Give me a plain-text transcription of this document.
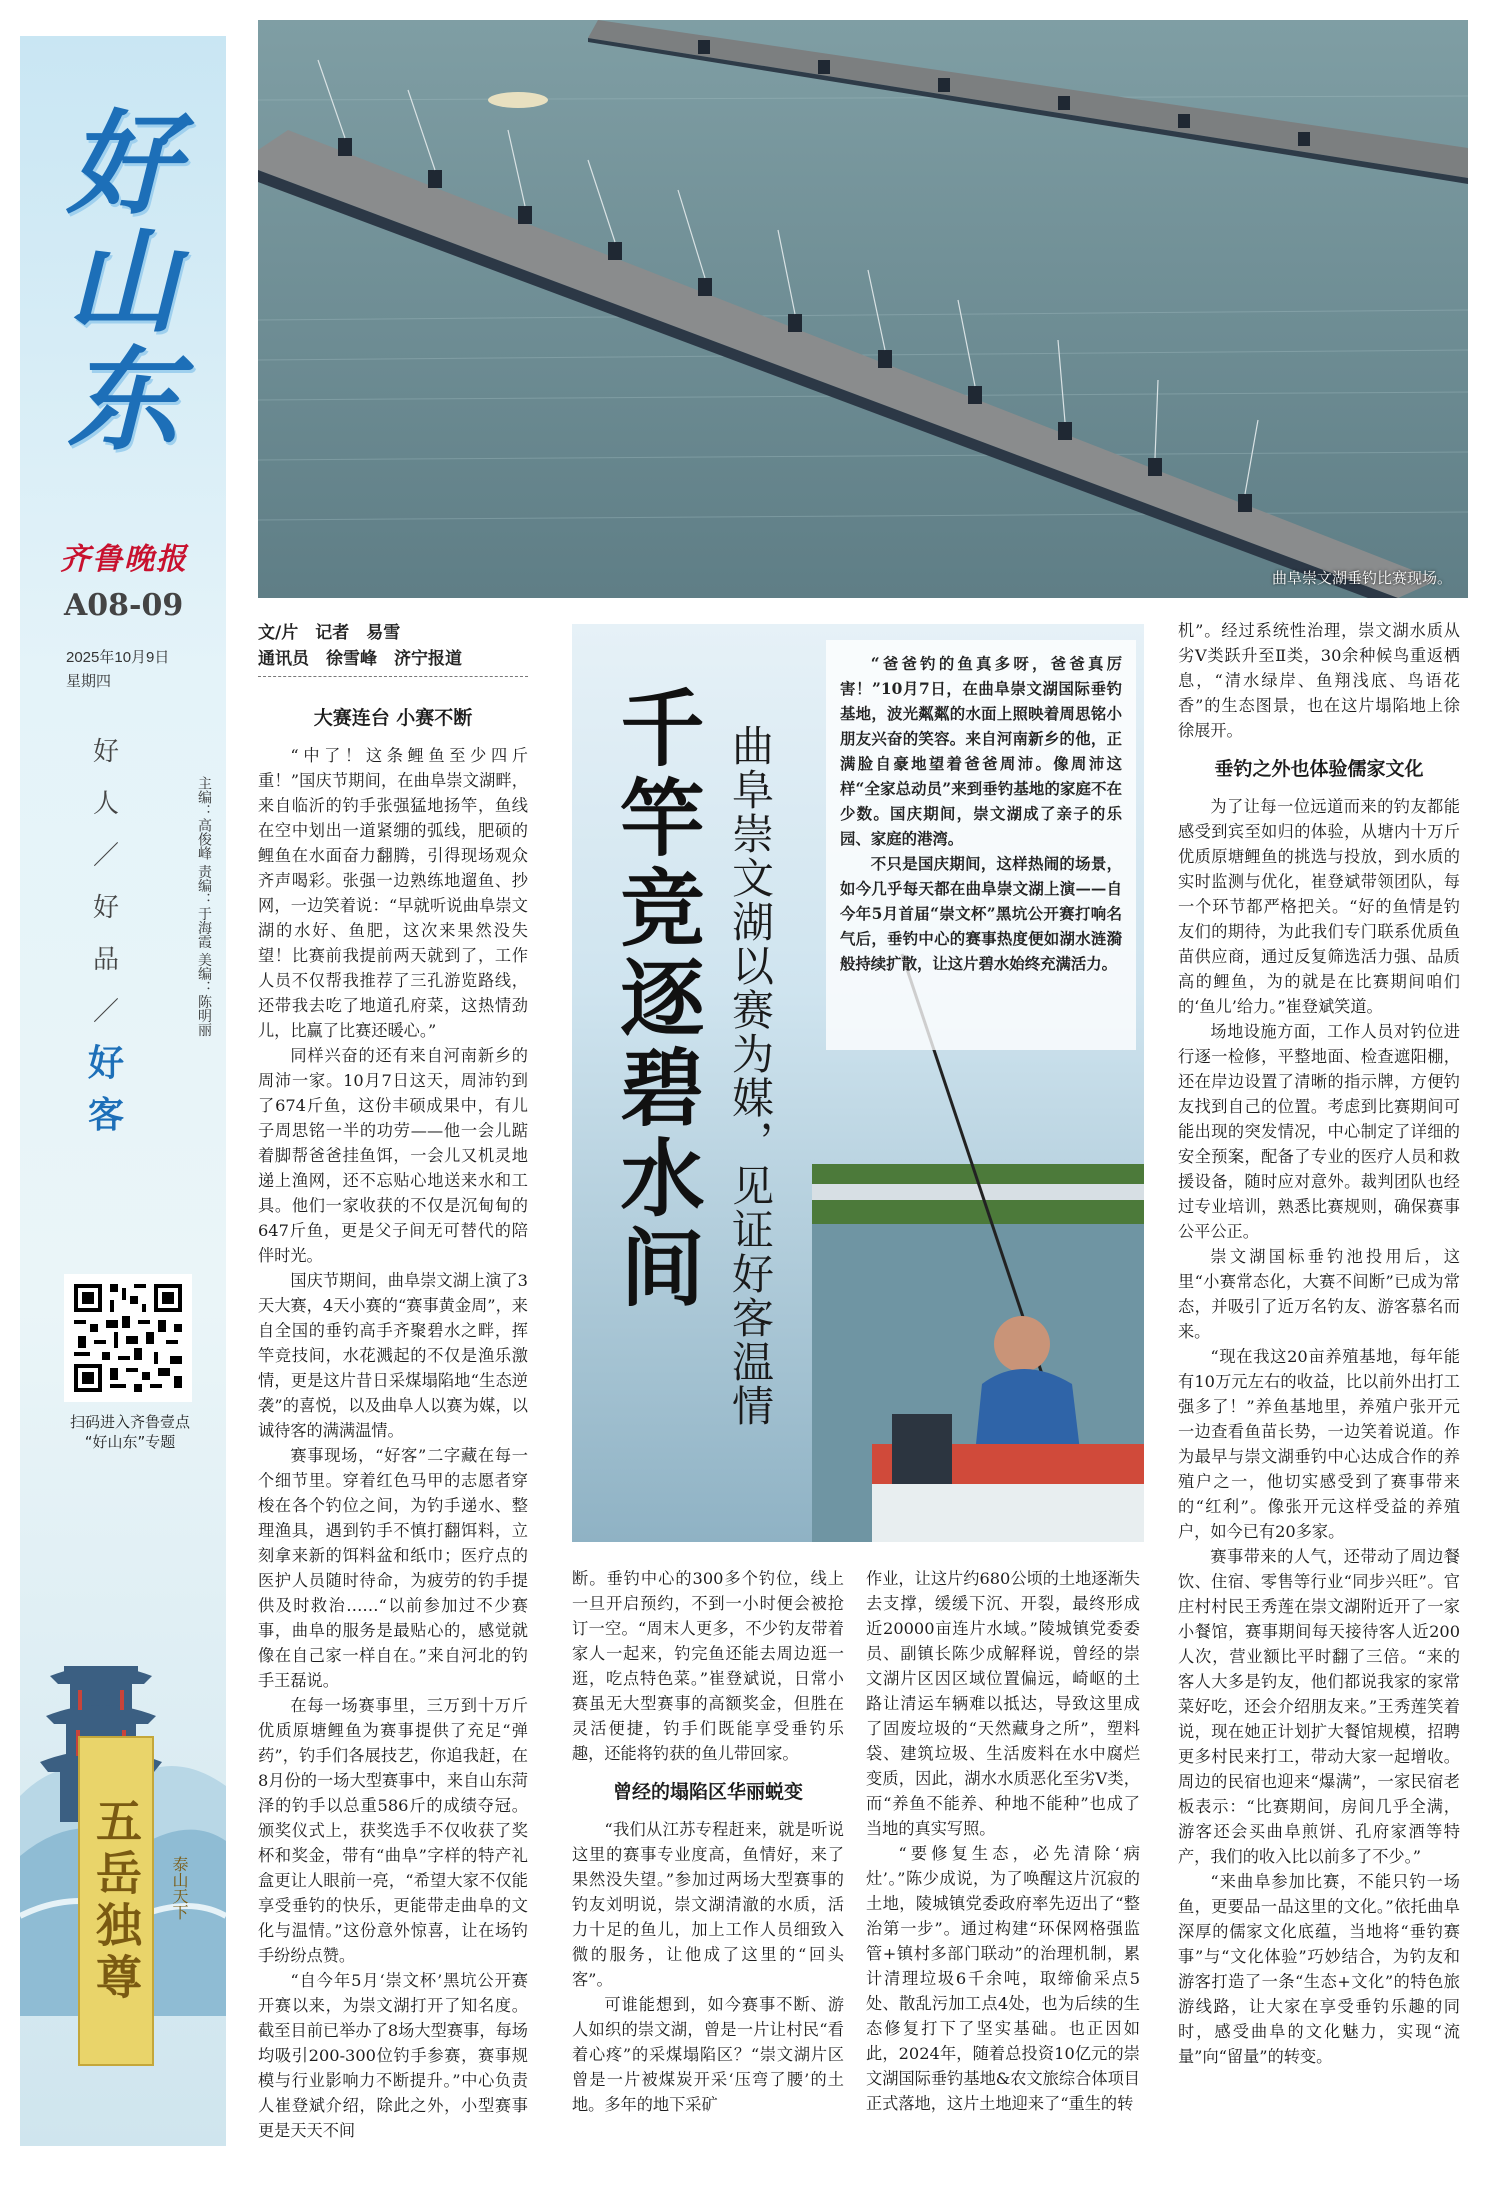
好山东
齐鲁晚报
A08-09
2025年10月9日
星期四
好
人
／
好
品
／
好
客
主编：高俊峰 责编：于海霞 美编：陈明丽
扫码进入齐鲁壹点
“好山东”专题
五岳独尊	泰山天下
曲阜崇文湖垂钓比赛现场。
文/片　记者　易雪
通讯员　徐雪峰　济宁报道

大赛连台 小赛不断

“中了！这条鲤鱼至少四斤重！”国庆节期间，在曲阜崇文湖畔，来自临沂的钓手张强猛地扬竿，鱼线在空中划出一道紧绷的弧线，肥硕的鲤鱼在水面奋力翻腾，引得现场观众齐声喝彩。张强一边熟练地遛鱼、抄网，一边笑着说：“早就听说曲阜崇文湖的水好、鱼肥，这次来果然没失望！比赛前我提前两天就到了，工作人员不仅帮我推荐了三孔游览路线，还带我去吃了地道孔府菜，这热情劲儿，比赢了比赛还暖心。”

同样兴奋的还有来自河南新乡的周沛一家。10月7日这天，周沛钓到了674斤鱼，这份丰硕成果中，有儿子周思铭一半的功劳——他一会儿踮着脚帮爸爸挂鱼饵，一会儿又机灵地递上渔网，还不忘贴心地送来水和工具。他们一家收获的不仅是沉甸甸的647斤鱼，更是父子间无可替代的陪伴时光。

国庆节期间，曲阜崇文湖上演了3天大赛，4天小赛的“赛事黄金周”，来自全国的垂钓高手齐聚碧水之畔，挥竿竞技间，水花溅起的不仅是渔乐激情，更是这片昔日采煤塌陷地“生态逆袭”的喜悦，以及曲阜人以赛为媒，以诚待客的满满温情。

赛事现场，“好客”二字藏在每一个细节里。穿着红色马甲的志愿者穿梭在各个钓位之间，为钓手递水、整理渔具，遇到钓手不慎打翻饵料，立刻拿来新的饵料盆和纸巾；医疗点的医护人员随时待命，为疲劳的钓手提供及时救治……“以前参加过不少赛事，曲阜的服务是最贴心的，感觉就像在自己家一样自在。”来自河北的钓手王磊说。

在每一场赛事里，三万到十万斤优质原塘鲤鱼为赛事提供了充足“弹药”，钓手们各展技艺，你追我赶，在8月份的一场大型赛事中，来自山东菏泽的钓手以总重586斤的成绩夺冠。颁奖仪式上，获奖选手不仅收获了奖杯和奖金，带有“曲阜”字样的特产礼盒更让人眼前一亮，“希望大家不仅能享受垂钓的快乐，更能带走曲阜的文化与温情。”这份意外惊喜，让在场钓手纷纷点赞。

“自今年5月‘崇文杯’黑坑公开赛开赛以来，为崇文湖打开了知名度。截至目前已举办了8场大型赛事，每场均吸引200-300位钓手参赛，赛事规模与行业影响力不断提升。”中心负责人崔登斌介绍，除此之外，小型赛事更是天天不间

千竿竞逐碧水间 曲阜崇文湖以赛为媒，见证好客温情

“爸爸钓的鱼真多呀，爸爸真厉害！”10月7日，在曲阜崇文湖国际垂钓基地，波光粼粼的水面上照映着周思铭小朋友兴奋的笑容。来自河南新乡的他，正满脸自豪地望着爸爸周沛。像周沛这样“全家总动员”来到垂钓基地的家庭不在少数。国庆期间，崇文湖成了亲子的乐园、家庭的港湾。

不只是国庆期间，这样热闹的场景，如今几乎每天都在曲阜崇文湖上演——自今年5月首届“崇文杯”黑坑公开赛打响名气后，垂钓中心的赛事热度便如湖水涟漪般持续扩散，让这片碧水始终充满活力。

断。垂钓中心的300多个钓位，线上一旦开启预约，不到一小时便会被抢订一空。“周末人更多，不少钓友带着家人一起来，钓完鱼还能去周边逛一逛，吃点特色菜。”崔登斌说，日常小赛虽无大型赛事的高额奖金，但胜在灵活便捷，钓手们既能享受垂钓乐趣，还能将钓获的鱼儿带回家。

曾经的塌陷区华丽蜕变

“我们从江苏专程赶来，就是听说这里的赛事专业度高，鱼情好，来了果然没失望。”参加过两场大型赛事的钓友刘明说，崇文湖清澈的水质，活力十足的鱼儿，加上工作人员细致入微的服务，让他成了这里的“回头客”。

可谁能想到，如今赛事不断、游人如织的崇文湖，曾是一片让村民“看着心疼”的采煤塌陷区？“崇文湖片区曾是一片被煤炭开采‘压弯了腰’的土地。多年的地下采矿

作业，让这片约680公顷的土地逐渐失去支撑，缓缓下沉、开裂，最终形成近20000亩连片水域。”陵城镇党委委员、副镇长陈少成解释说，曾经的崇文湖片区因区域位置偏远，崎岖的土路让清运车辆难以抵达，导致这里成了固废垃圾的“天然藏身之所”，塑料袋、建筑垃圾、生活废料在水中腐烂变质，因此，湖水水质恶化至劣Ⅴ类，而“养鱼不能养、种地不能种”也成了当地的真实写照。

“要修复生态，必先清除‘病灶’。”陈少成说，为了唤醒这片沉寂的土地，陵城镇党委政府率先迈出了“整治第一步”。通过构建“环保网格强监管+镇村多部门联动”的治理机制，累计清理垃圾6千余吨，取缔偷采点5处、散乱污加工点4处，也为后续的生态修复打下了坚实基础。也正因如此，2024年，随着总投资10亿元的崇文湖国际垂钓基地&农文旅综合体项目正式落地，这片土地迎来了“重生的转

机”。经过系统性治理，崇文湖水质从劣Ⅴ类跃升至Ⅱ类，30余种候鸟重返栖息，“清水绿岸、鱼翔浅底、鸟语花香”的生态图景，也在这片塌陷地上徐徐展开。

垂钓之外也体验儒家文化

为了让每一位远道而来的钓友都能感受到宾至如归的体验，从塘内十万斤优质原塘鲤鱼的挑选与投放，到水质的实时监测与优化，崔登斌带领团队，每一个环节都严格把关。“好的鱼情是钓友们的期待，为此我们专门联系优质鱼苗供应商，通过反复筛选活力强、品质高的鲤鱼，为的就是在比赛期间咱们的‘鱼儿’给力。”崔登斌笑道。

场地设施方面，工作人员对钓位进行逐一检修，平整地面、检查遮阳棚，还在岸边设置了清晰的指示牌，方便钓友找到自己的位置。考虑到比赛期间可能出现的突发情况，中心制定了详细的安全预案，配备了专业的医疗人员和救援设备，随时应对意外。裁判团队也经过专业培训，熟悉比赛规则，确保赛事公平公正。

崇文湖国标垂钓池投用后，这里“小赛常态化，大赛不间断”已成为常态，并吸引了近万名钓友、游客慕名而来。

“现在我这20亩养殖基地，每年能有10万元左右的收益，比以前外出打工强多了！”养鱼基地里，养殖户张开元一边查看鱼苗长势，一边笑着说道。作为最早与崇文湖垂钓中心达成合作的养殖户之一，他切实感受到了赛事带来的“红利”。像张开元这样受益的养殖户，如今已有20多家。

赛事带来的人气，还带动了周边餐饮、住宿、零售等行业“同步兴旺”。官庄村村民王秀莲在崇文湖附近开了一家小餐馆，赛事期间每天接待客人近200人次，营业额比平时翻了三倍。“来的客人大多是钓友，他们都说我家的家常菜好吃，还会介绍朋友来。”王秀莲笑着说，现在她正计划扩大餐馆规模，招聘更多村民来打工，带动大家一起增收。周边的民宿也迎来“爆满”，一家民宿老板表示：“比赛期间，房间几乎全满，游客还会买曲阜煎饼、孔府家酒等特产，我们的收入比以前多了不少。”

“来曲阜参加比赛，不能只钓一场鱼，更要品一品这里的文化。”依托曲阜深厚的儒家文化底蕴，当地将“垂钓赛事”与“文化体验”巧妙结合，为钓友和游客打造了一条“生态+文化”的特色旅游线路，让大家在享受垂钓乐趣的同时，感受曲阜的文化魅力，实现“流量”向“留量”的转变。
